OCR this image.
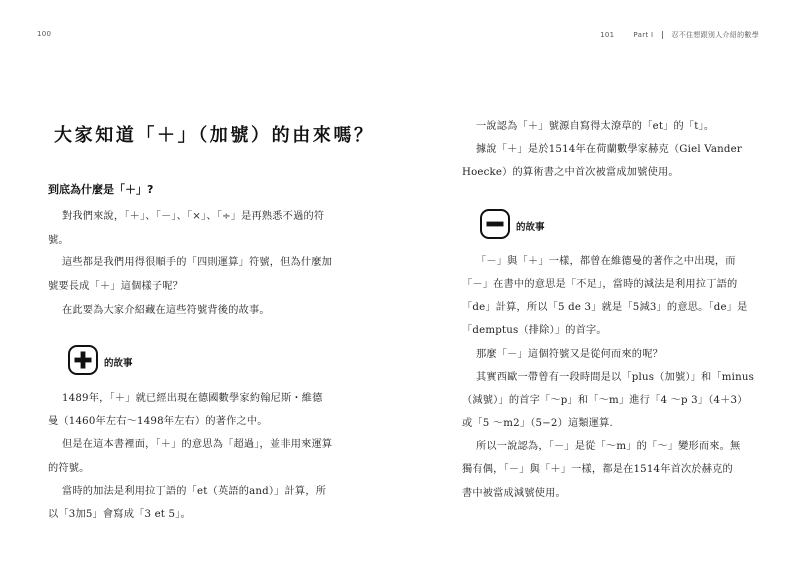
100
大家知道「＋」（加號）的由來嗎？
到底為什麼是「＋」?

對我們來說，「＋」、「－」、「×」、「÷」是再熟悉不過的符

號。

這些都是我們用得很順手的「四則運算」符號，但為什麼加

號要長成「＋」這個樣子呢？

在此要為大家介紹藏在這些符號背後的故事。

的故事

1489年，「＋」就已經出現在德國數學家約翰尼斯・維德

曼（1460年左右～1498年左右）的著作之中。

但是在這本書裡面，「＋」的意思為「超過」，並非用來運算

的符號。

當時的加法是利用拉丁語的「et（英語的and）」計算，所

以「3加5」會寫成「3 et 5」。

101	Part Ⅰ	忍不住想跟別人介紹的數學

一說認為「＋」號源自寫得太潦草的「et」的「t」。

據說「＋」是於1514年在荷蘭數學家赫克（Giel Vander

Hoecke）的算術書之中首次被當成加號使用。

的故事

「－」與「＋」一樣，都曾在維德曼的著作之中出現，而

「－」在書中的意思是「不足」，當時的減法是利用拉丁語的

「de」計算，所以「5 de 3」就是「5減3」的意思。「de」是

「demptus（排除）」的首字。

那麼「－」這個符號又是從何而來的呢？

其實西歐一帶曾有一段時間是以「plus（加號）」和「minus

（減號）」的首字「～p」和「～m」進行「4 ～p 3」（4＋3）

或「5 ～m2」（5−2）這類運算.

所以一說認為，「－」是從「～m」的「～」變形而來。無

獨有偶，「－」與「＋」一樣，都是在1514年首次於赫克的

書中被當成減號使用。
